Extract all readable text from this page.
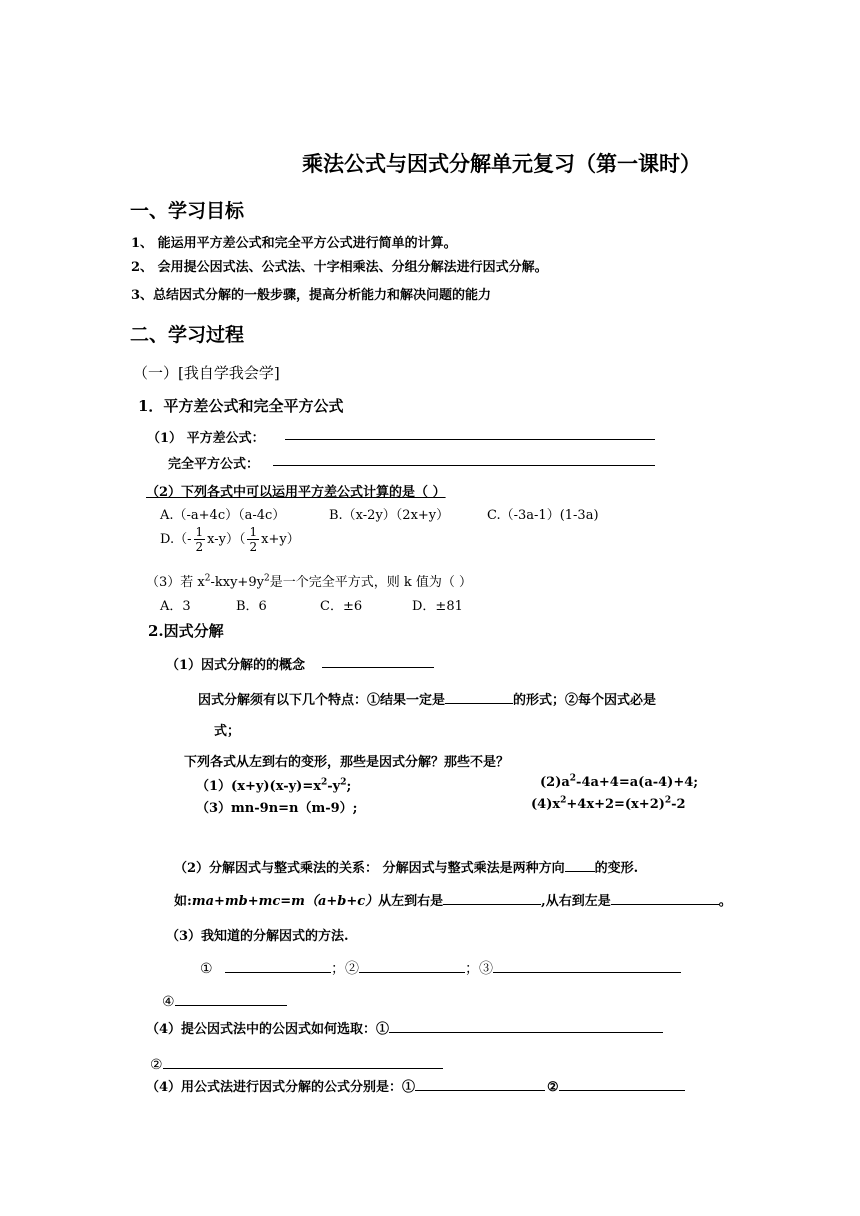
乘法公式与因式分解单元复习（第一课时）
一、学习目标
1、 能运用平方差公式和完全平方公式进行简单的计算。
2、 会用提公因式法、公式法、十字相乘法、分组分解法进行因式分解。
3、总结因式分解的一般步骤，提高分析能力和解决问题的能力
二、学习过程
（一）[我自学我会学]
1．平方差公式和完全平方公式
（1） 平方差公式：
完全平方公式：
（2）下列各式中可以运用平方差公式计算的是（ ）
A.（-a+4c）（a-4c）	B.（x-2y）（2x+y）	C.（-3a-1）(1-3a)
$D.(- \frac{1}{2} x-y)( \frac{1}{2} x+y)$
（3）若 $x^2-kxy+9y^2$是一个完全平方式，则 k 值为（ ）
A．3	B．6	C．±6	D．±81
2.因式分解
（1）因式分解的的概念
因式分解须有以下几个特点：①结果一定是	的形式；②每个因式必是
式；
下列各式从左到右的变形，那些是因式分解？那些不是？
$(1)(x+y)(x-y)=x^2-y^2$;	$(2)a^2-4a+4=a(a-4)+4$;
（3）mn-9n=n（m-9）;	$(4)x^2+4x+2=(x+2)^2-2$
（2）分解因式与整式乘法的关系： 分解因式与整式乘法是两种方向 的变形.
如:ma+mb+mc=m（a+b+c）从左到右是	,从右到左是	。
（3）我知道的分解因式的方法.
①	；②	；③
④
（4）提公因式法中的公因式如何选取：①
②
（4）用公式法进行因式分解的公式分别是：①	②
